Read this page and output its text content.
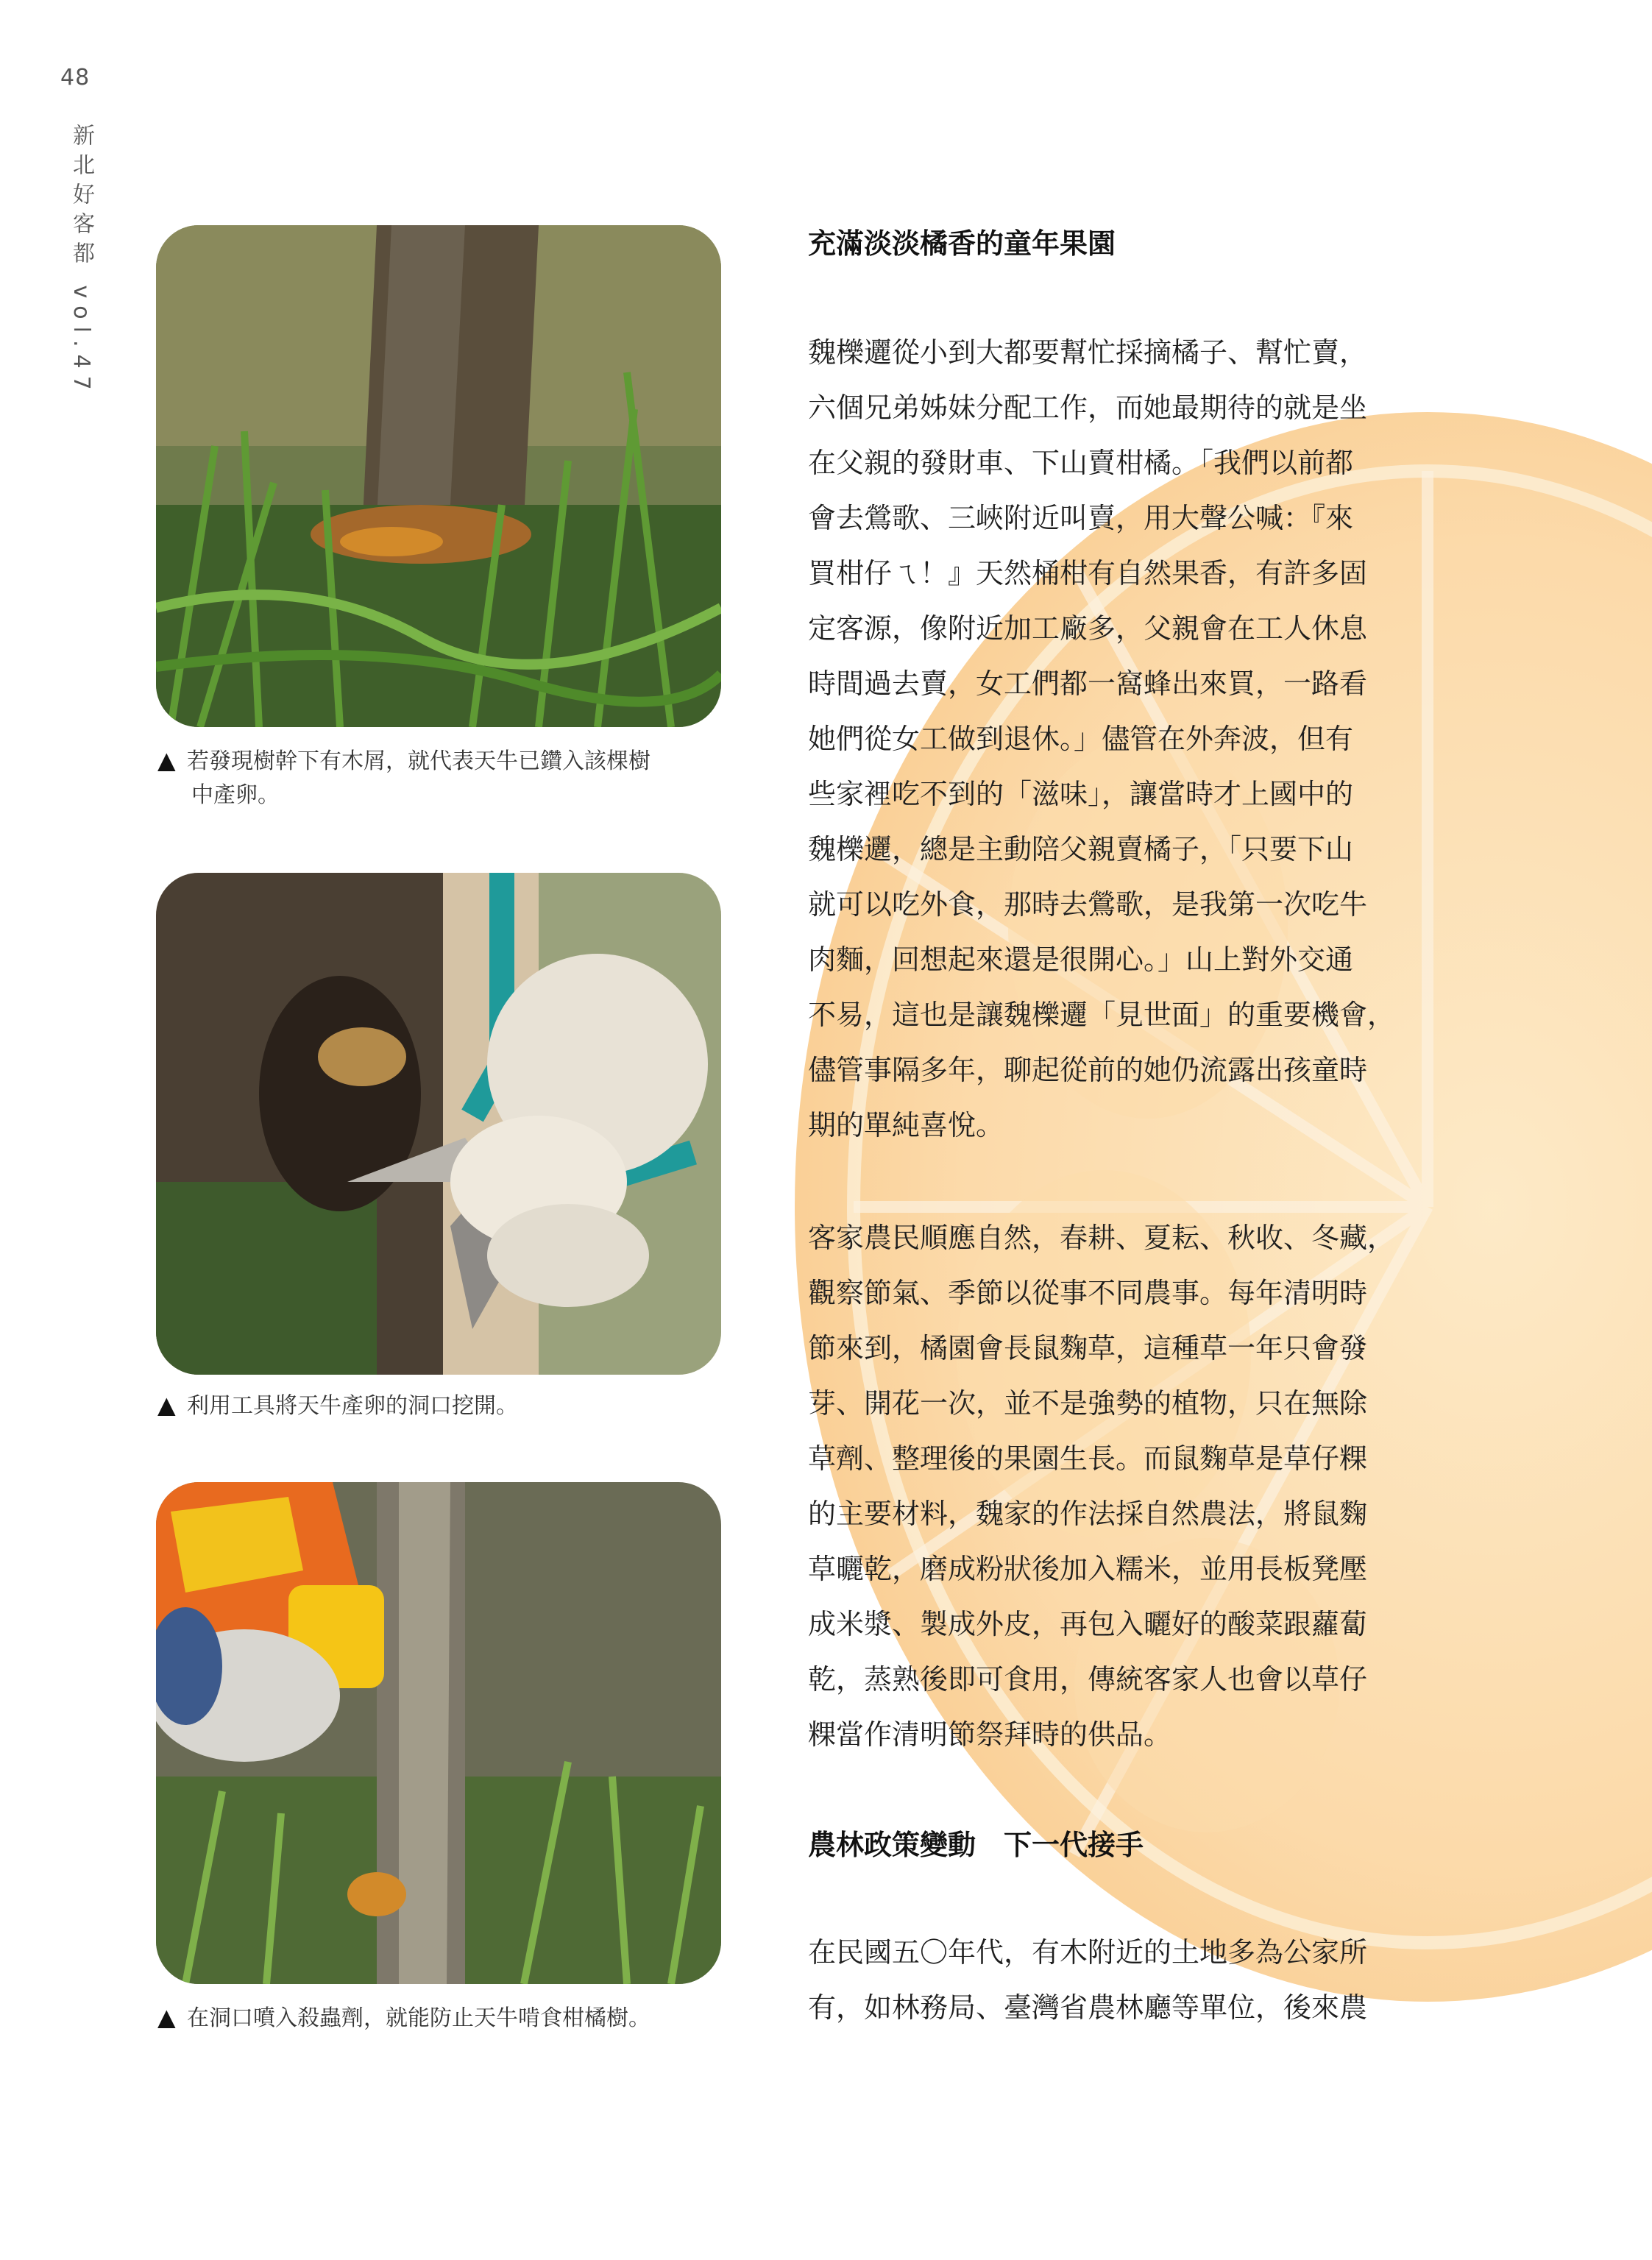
48
新北好客都 vol.47
▲ 若發現樹幹下有木屑，就代表天牛已鑽入該棵樹
中產卵。
▲ 利用工具將天牛產卵的洞口挖開。
▲ 在洞口噴入殺蟲劑，就能防止天牛啃食柑橘樹。
充滿淡淡橘香的童年果園
魏櫟邐從小到大都要幫忙採摘橘子、幫忙賣，
六個兄弟姊妹分配工作，而她最期待的就是坐
在父親的發財車、下山賣柑橘。「我們以前都
會去鶯歌、三峽附近叫賣，用大聲公喊：『來
買柑仔ㄟ！』天然桶柑有自然果香，有許多固
定客源，像附近加工廠多，父親會在工人休息
時間過去賣，女工們都一窩蜂出來買，一路看
她們從女工做到退休。」儘管在外奔波，但有
些家裡吃不到的「滋味」，讓當時才上國中的
魏櫟邐，總是主動陪父親賣橘子，「只要下山
就可以吃外食，那時去鶯歌，是我第一次吃牛
肉麵，回想起來還是很開心。」山上對外交通
不易，這也是讓魏櫟邐「見世面」的重要機會，
儘管事隔多年，聊起從前的她仍流露出孩童時
期的單純喜悅。
客家農民順應自然，春耕、夏耘、秋收、冬藏，
觀察節氣、季節以從事不同農事。每年清明時
節來到，橘園會長鼠麴草，這種草一年只會發
芽、開花一次，並不是強勢的植物，只在無除
草劑、整理後的果園生長。而鼠麴草是草仔粿
的主要材料，魏家的作法採自然農法，將鼠麴
草曬乾，磨成粉狀後加入糯米，並用長板凳壓
成米漿、製成外皮，再包入曬好的酸菜跟蘿蔔
乾，蒸熟後即可食用，傳統客家人也會以草仔
粿當作清明節祭拜時的供品。
農林政策變動　下一代接手
在民國五〇年代，有木附近的土地多為公家所
有，如林務局、臺灣省農林廳等單位，後來農
